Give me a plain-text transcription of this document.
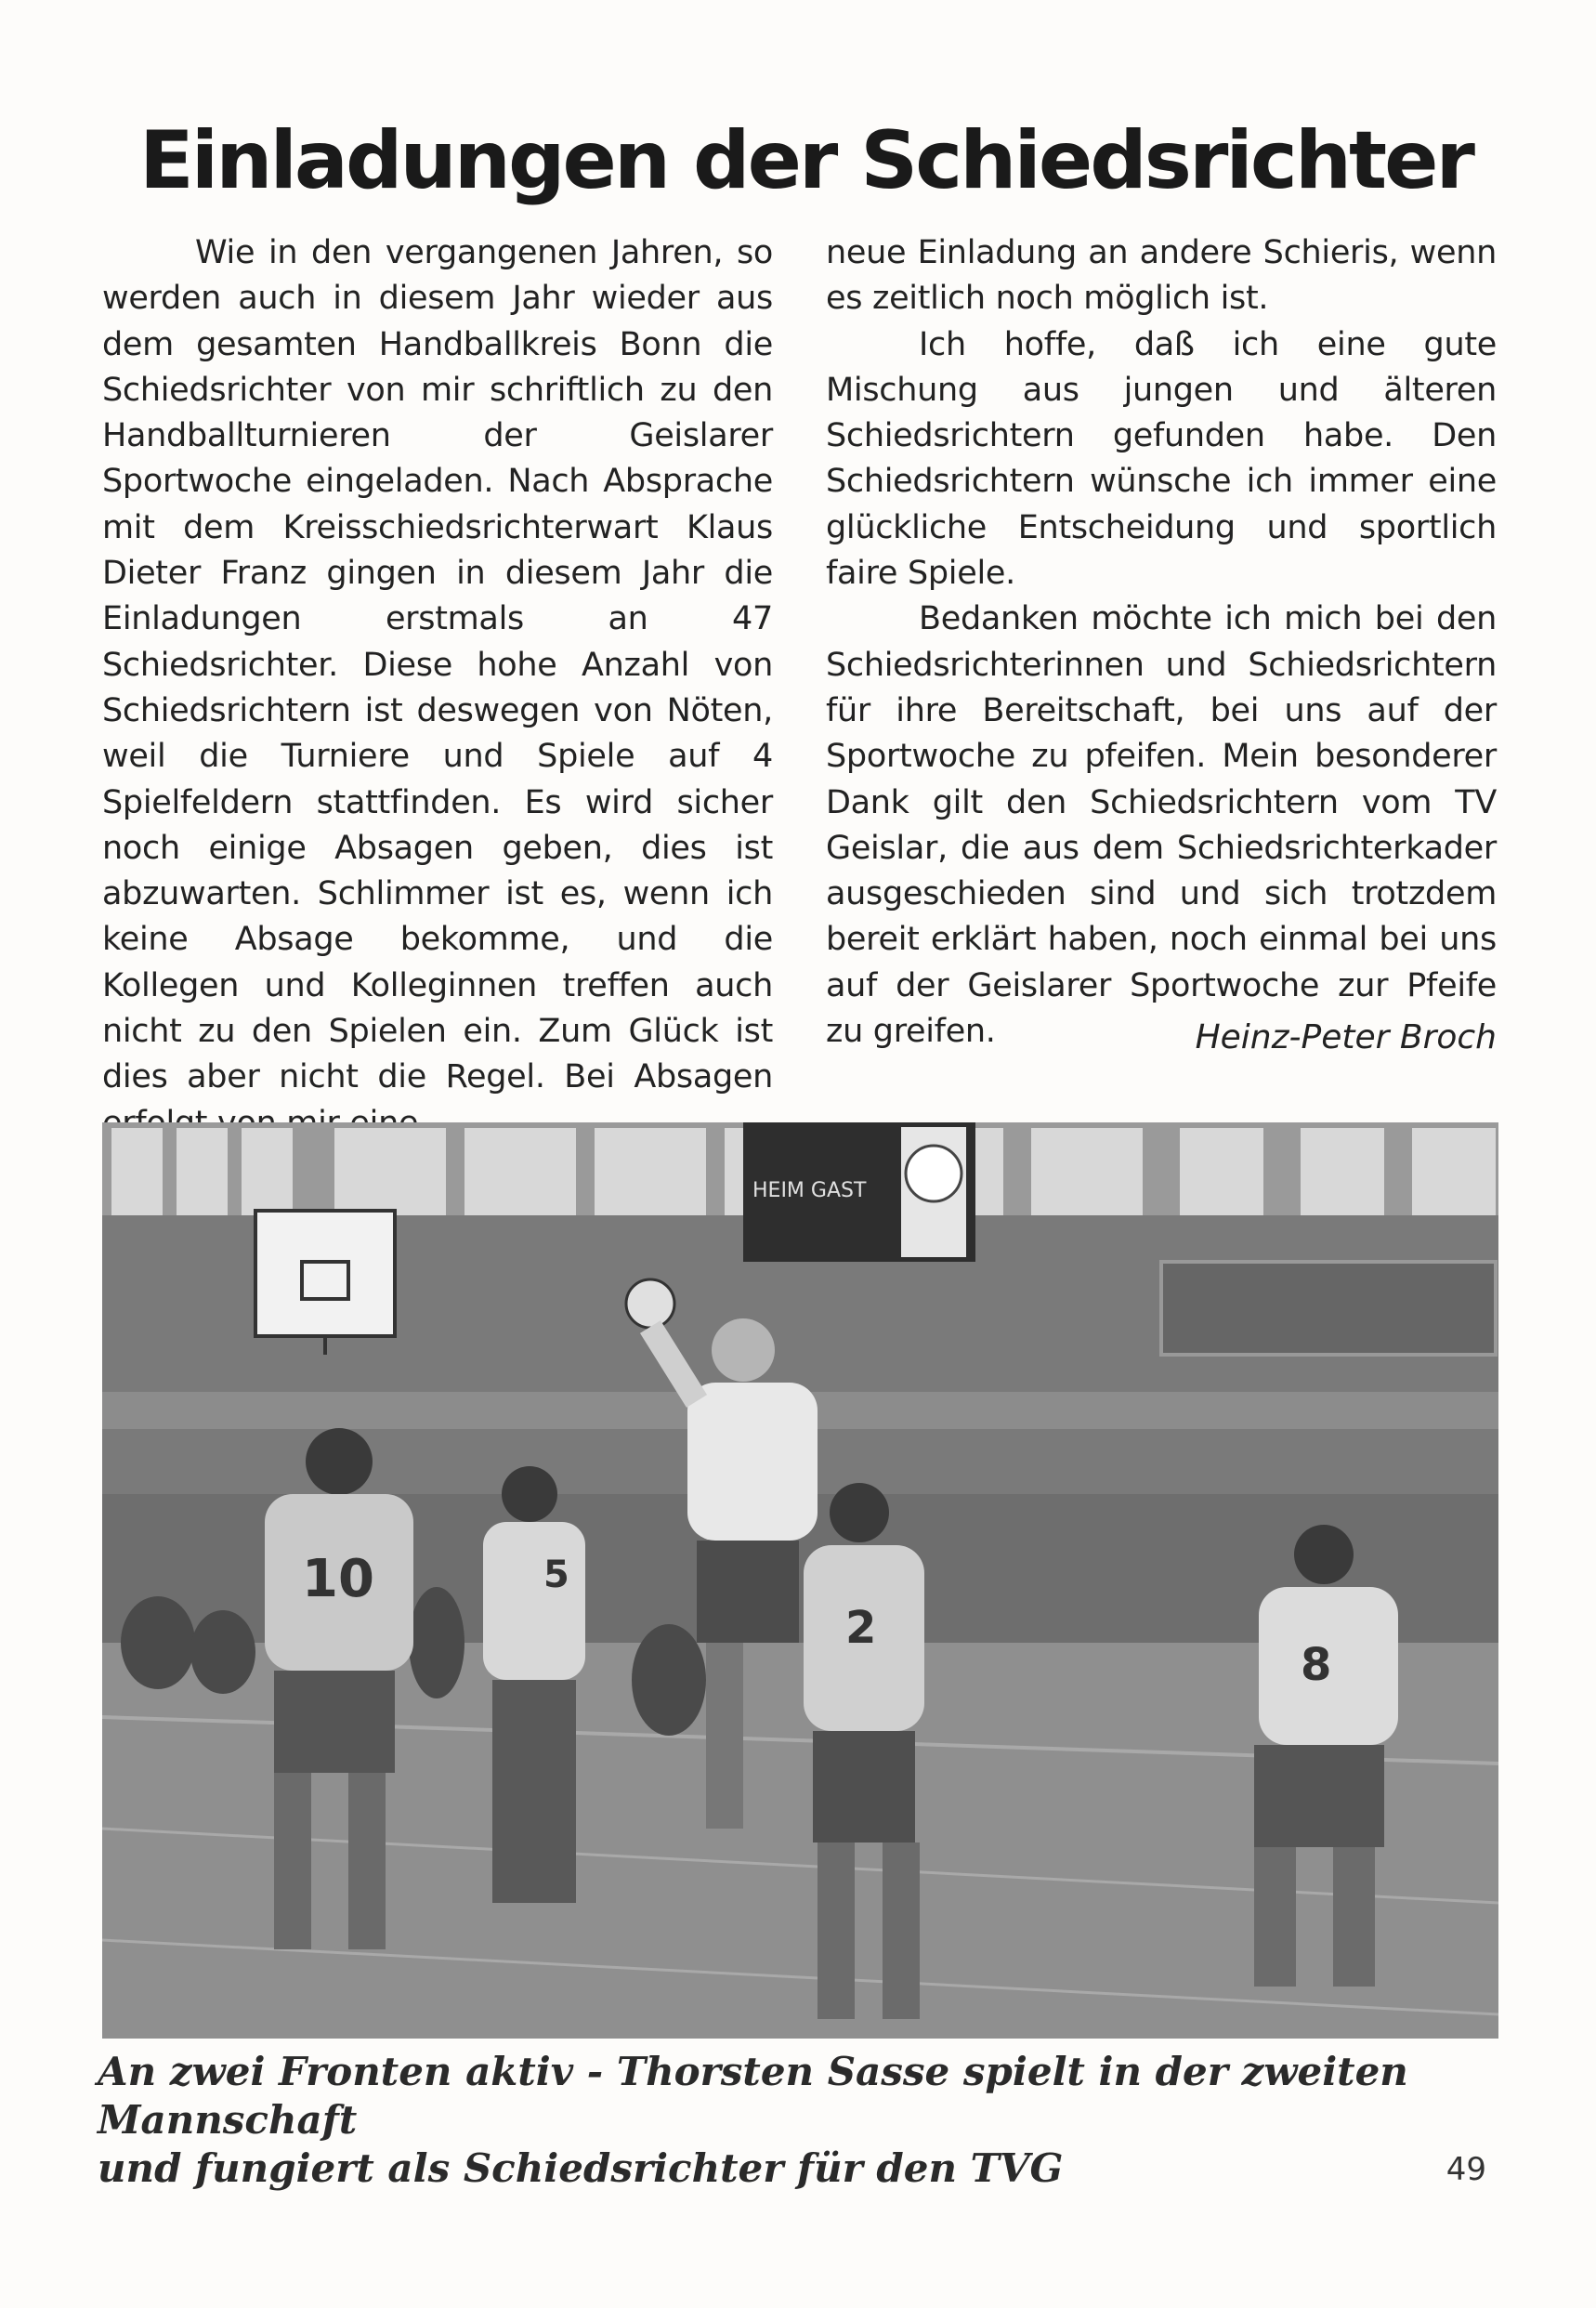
Einladungen der Schiedsrichter

Wie in den vergangenen Jahren, so werden auch in diesem Jahr wieder aus dem gesamten Handballkreis Bonn die Schiedsrichter von mir schriftlich zu den Handballturnieren der Geislarer Sportwoche eingeladen. Nach Absprache mit dem Kreisschiedsrichterwart Klaus Dieter Franz gingen in diesem Jahr die Einladungen erstmals an 47 Schiedsrichter. Diese hohe Anzahl von Schiedsrichtern ist deswegen von Nöten, weil die Turniere und Spiele auf 4 Spielfeldern stattfinden. Es wird sicher noch einige Absagen geben, dies ist abzuwarten. Schlimmer ist es, wenn ich keine Absage bekomme, und die Kollegen und Kolleginnen treffen auch nicht zu den Spielen ein. Zum Glück ist dies aber nicht die Regel. Bei Absagen

neue Einladung an andere Schieris, wenn es zeitlich noch möglich ist.

Ich hoffe, daß ich eine gute Mischung aus jungen und älteren Schiedsrichtern gefunden habe. Den Schiedsrichtern wünsche ich immer eine glückliche Entscheidung und sportlich faire Spiele.

Bedanken möchte ich mich bei den Schiedsrichterinnen und Schiedsrichtern für ihre Bereitschaft, bei uns auf der Sportwoche zu pfeifen. Mein besonderer Dank gilt den Schiedsrichtern vom TV Geislar, die aus dem Schiedsrichterkader ausgeschieden sind und sich trotzdem bereit erklärt haben, noch einmal bei uns auf der Geislarer Sportwoche zur Pfeife zu greifen.	Heinz-Peter Broch
HEIM GAST
10	5
2
8
An zwei Fronten aktiv - Thorsten Sasse spielt in der zweiten Mannschaft
und fungiert als Schiedsrichter für den TVG	49
